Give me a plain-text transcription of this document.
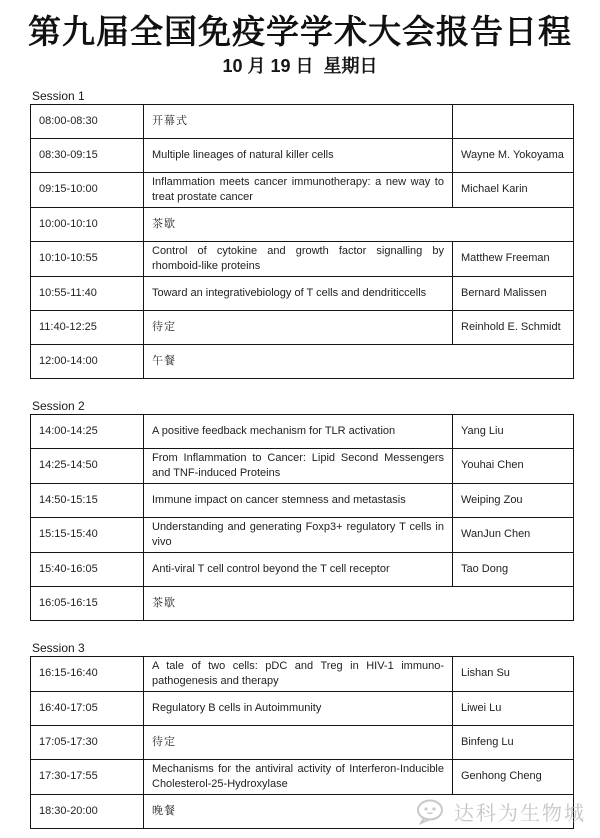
第九届全国免疫学学术大会报告日程
10 月 19 日  星期日
Session 1
08:00-08:30	开幕式	
08:30-09:15	Multiple lineages of natural killer cells	Wayne M. Yokoyama
09:15-10:00	Inflammation meets cancer immunotherapy: a new way to treat prostate cancer	Michael Karin
10:00-10:10	茶歇	
10:10-10:55	Control of cytokine and growth factor signalling by rhomboid-like proteins	Matthew Freeman
10:55-11:40	Toward an integrativebiology of T cells and dendriticcells	Bernard Malissen
11:40-12:25	待定	Reinhold E. Schmidt
12:00-14:00	午餐	
Session 2
14:00-14:25	A positive feedback mechanism for TLR activation	Yang Liu
14:25-14:50	From Inflammation to Cancer: Lipid Second Messengers and TNF-induced Proteins	Youhai Chen
14:50-15:15	Immune impact on cancer stemness and metastasis	Weiping Zou
15:15-15:40	Understanding and generating Foxp3+ regulatory T cells in vivo	WanJun Chen
15:40-16:05	Anti-viral T cell control beyond the T cell receptor	Tao Dong
16:05-16:15	茶歇	
Session 3
16:15-16:40	A tale of two cells: pDC and Treg in HIV-1 immuno-pathogenesis and therapy	Lishan Su
16:40-17:05	Regulatory B cells in Autoimmunity	Liwei Lu
17:05-17:30	待定	Binfeng Lu
17:30-17:55	Mechanisms for the antiviral activity of Interferon-Inducible Cholesterol-25-Hydroxylase	Genhong Cheng
18:30-20:00	晚餐		达科为生物城
